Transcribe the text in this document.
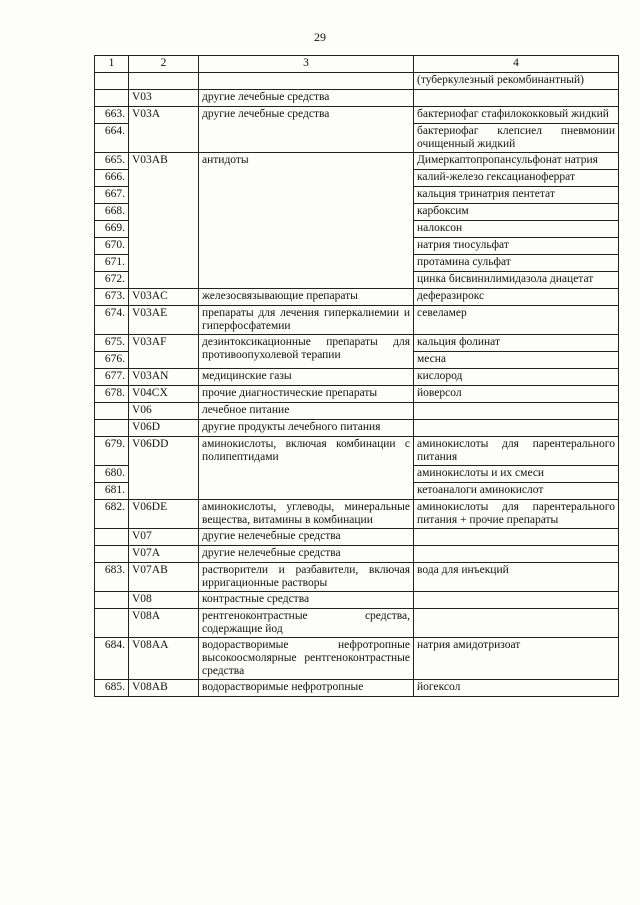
29
1	2	3	4
			(туберкулезный рекомбинантный)
	V03	другие лечебные средства	
663.	V03A	другие лечебные средства	бактериофаг стафилококковый жидкий
664.			бактериофаг клепсиел пневмонии очищенный жидкий
665.	V03AB	антидоты	Димеркаптопропансульфонат натрия
666.			калий-железо гексацианоферрат
667.			кальция тринатрия пентетат
668.			карбоксим
669.			налоксон
670.			натрия тиосульфат
671.			протамина сульфат
672.			цинка бисвинилимидазола диацетат
673.	V03AC	железосвязывающие препараты	деферазирокс
674.	V03AE	препараты для лечения гиперкалиемии и гиперфосфатемии	севеламер
675.	V03AF	дезинтоксикационные препараты для противоопухолевой терапии	кальция фолинат
676.			месна
677.	V03AN	медицинские газы	кислород
678.	V04CX	прочие диагностические препараты	йоверсол
	V06	лечебное питание	
	V06D	другие продукты лечебного питания	
679.	V06DD	аминокислоты, включая комбинации с полипептидами	аминокислоты для парентерального питания
680.			аминокислоты и их смеси
681.			кетоаналоги аминокислот
682.	V06DE	аминокислоты, углеводы, минеральные вещества, витамины в комбинации	аминокислоты для парентерального питания + прочие препараты
	V07	другие нелечебные средства	
	V07A	другие нелечебные средства	
683.	V07AB	растворители и разбавители, включая ирригационные растворы	вода для инъекций
	V08	контрастные средства	
	V08A	рентгеноконтрастные средства, содержащие йод	
684.	V08AA	водорастворимые нефротропные высокоосмолярные рентгеноконтрастные средства	натрия амидотризоат
685.	V08AB	водорастворимые нефротропные	йогексол
